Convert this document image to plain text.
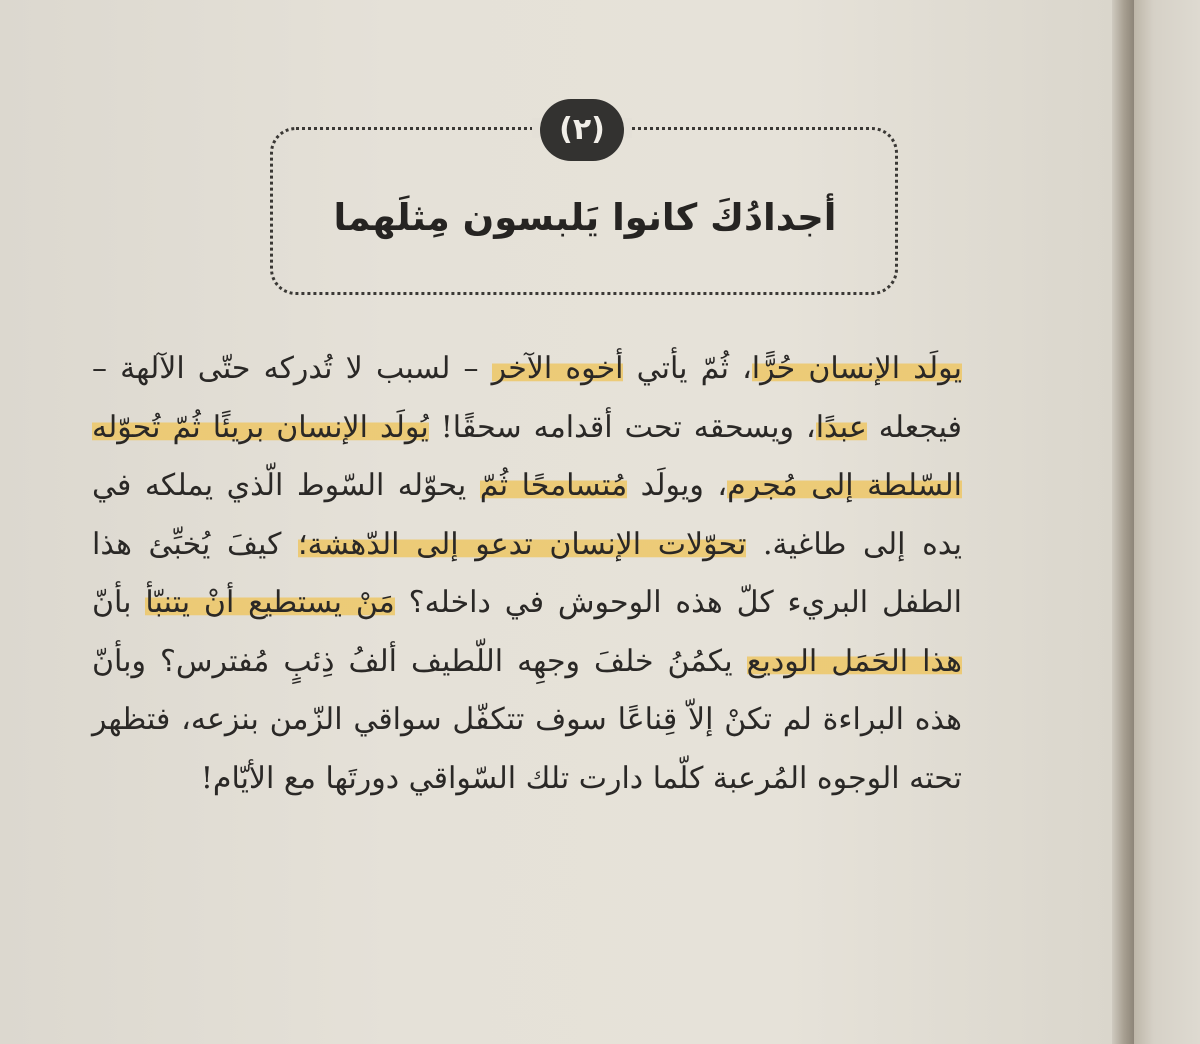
(٢)
أجدادُكَ كانوا يَلبسون مِثلَهما

يولَد الإنسان حُرًّا، ثُمّ يأتي أخوه الآخر – لسبب لا تُدركه حتّى الآلهة – فيجعله عبدًا، ويسحقه تحت أقدامه سحقًا! يُولَد الإنسان بريئًا ثُمّ تُحوّله السّلطة إلى مُجرم، ويولَد مُتسامحًا ثُمّ يحوّله السّوط الّذي يملكه في يده إلى طاغية. تحوّلات الإنسان تدعو إلى الدّهشة؛ كيفَ يُخبِّئ هذا الطفل البريء كلّ هذه الوحوش في داخله؟ مَنْ يستطيع أنْ يتنبّأ بأنّ هذا الحَمَل الوديع يكمُنُ خلفَ وجهِه اللّطيف ألفُ ذِئبٍ مُفترس؟ وبأنّ هذه البراءة لم تكنْ إلاّ قِناعًا سوف تتكفّل سواقي الزّمن بنزعه، فتظهر تحته الوجوه المُرعبة كلّما دارت تلك السّواقي دورتَها مع الأيّام!
